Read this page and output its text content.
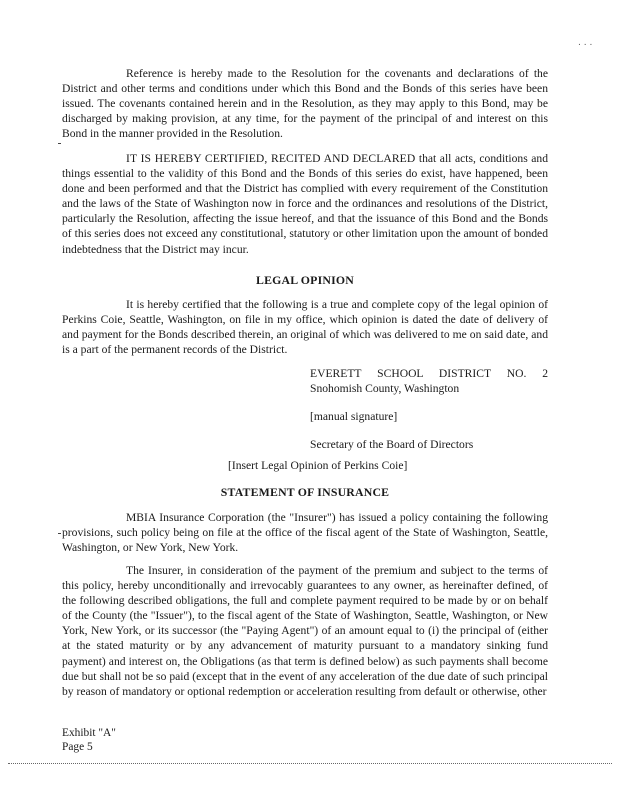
. . .

Reference is hereby made to the Resolution for the covenants and declarations of the District and other terms and conditions under which this Bond and the Bonds of this series have been issued. The covenants contained herein and in the Resolution, as they may apply to this Bond, may be discharged by making provision, at any time, for the payment of the principal of and interest on this Bond in the manner provided in the Resolution.

IT IS HEREBY CERTIFIED, RECITED AND DECLARED that all acts, conditions and things essential to the validity of this Bond and the Bonds of this series do exist, have happened, been done and been performed and that the District has complied with every requirement of the Constitution and the laws of the State of Washington now in force and the ordinances and resolutions of the District, particularly the Resolution, affecting the issue hereof, and that the issuance of this Bond and the Bonds of this series does not exceed any constitutional, statutory or other limitation upon the amount of bonded indebtedness that the District may incur.

LEGAL OPINION

It is hereby certified that the following is a true and complete copy of the legal opinion of Perkins Coie, Seattle, Washington, on file in my office, which opinion is dated the date of delivery of and payment for the Bonds described therein, an original of which was delivered to me on said date, and is a part of the permanent records of the District.

EVERETT SCHOOL DISTRICT NO. 2

Snohomish County, Washington

[manual signature]

Secretary of the Board of Directors

[Insert Legal Opinion of Perkins Coie]
STATEMENT OF INSURANCE

MBIA Insurance Corporation (the "Insurer") has issued a policy containing the following provisions, such policy being on file at the office of the fiscal agent of the State of Washington, Seattle, Washington, or New York, New York.

The Insurer, in consideration of the payment of the premium and subject to the terms of this policy, hereby unconditionally and irrevocably guarantees to any owner, as hereinafter defined, of the following described obligations, the full and complete payment required to be made by or on behalf of the County (the "Issuer"), to the fiscal agent of the State of Washington, Seattle, Washington, or New York, New York, or its successor (the "Paying Agent") of an amount equal to (i) the principal of (either at the stated maturity or by any advancement of maturity pursuant to a mandatory sinking fund payment) and interest on, the Obligations (as that term is defined below) as such payments shall become due but shall not be so paid (except that in the event of any acceleration of the due date of such principal by reason of mandatory or optional redemption or acceleration resulting from default or otherwise, other

Exhibit "A"
Page 5
